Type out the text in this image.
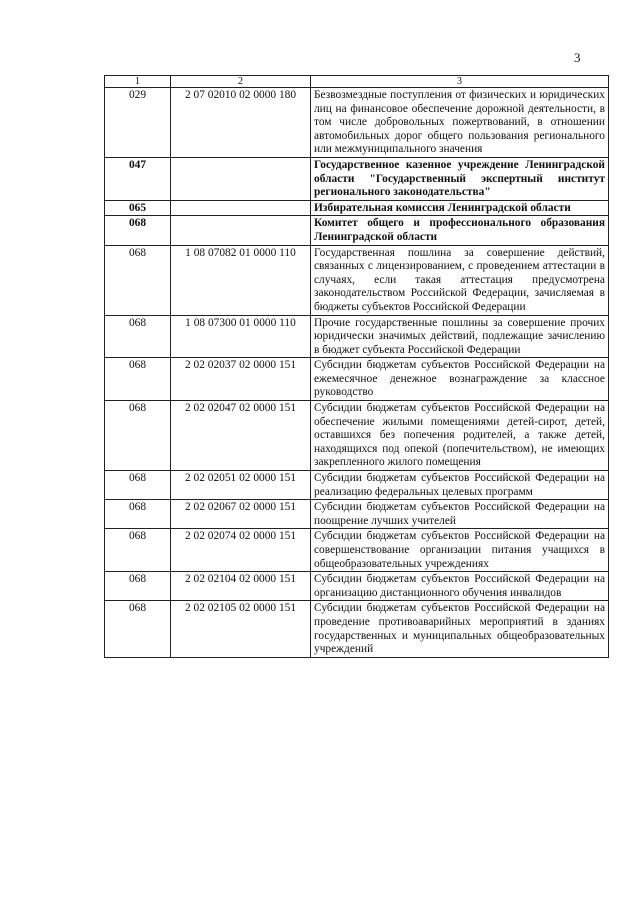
3
1	2	3
029	2 07 02010 02 0000 180	Безвозмездные поступления от физических и юридических лиц на финансовое обеспечение дорожной деятельности, в том числе добровольных пожертвований, в отношении автомобильных дорог общего пользования регионального или межмуниципального значения
047		Государственное казенное учреждение Ленинградской области "Государственный экспертный институт регионального законодательства"
065		Избирательная комиссия Ленинградской области
068		Комитет общего и профессионального образования Ленинградской области
068	1 08 07082 01 0000 110	Государственная пошлина за совершение действий, связанных с лицензированием, с проведением аттестации в случаях, если такая аттестация предусмотрена законодательством Российской Федерации, зачисляемая в бюджеты субъектов Российской Федерации
068	1 08 07300 01 0000 110	Прочие государственные пошлины за совершение прочих юридически значимых действий, подлежащие зачислению в бюджет субъекта Российской Федерации
068	2 02 02037 02 0000 151	Субсидии бюджетам субъектов Российской Федерации на ежемесячное денежное вознаграждение за классное руководство
068	2 02 02047 02 0000 151	Субсидии бюджетам субъектов Российской Федерации на обеспечение жилыми помещениями детей-сирот, детей, оставшихся без попечения родителей, а также детей, находящихся под опекой (попечительством), не имеющих закрепленного жилого помещения
068	2 02 02051 02 0000 151	Субсидии бюджетам субъектов Российской Федерации на реализацию федеральных целевых программ
068	2 02 02067 02 0000 151	Субсидии бюджетам субъектов Российской Федерации на поощрение лучших учителей
068	2 02 02074 02 0000 151	Субсидии бюджетам субъектов Российской Федерации на совершенствование организации питания учащихся в общеобразовательных учреждениях
068	2 02 02104 02 0000 151	Субсидии бюджетам субъектов Российской Федерации на организацию дистанционного обучения инвалидов
068	2 02 02105 02 0000 151	Субсидии бюджетам субъектов Российской Федерации на проведение противоаварийных мероприятий в зданиях государственных и муниципальных общеобразовательных учреждений
